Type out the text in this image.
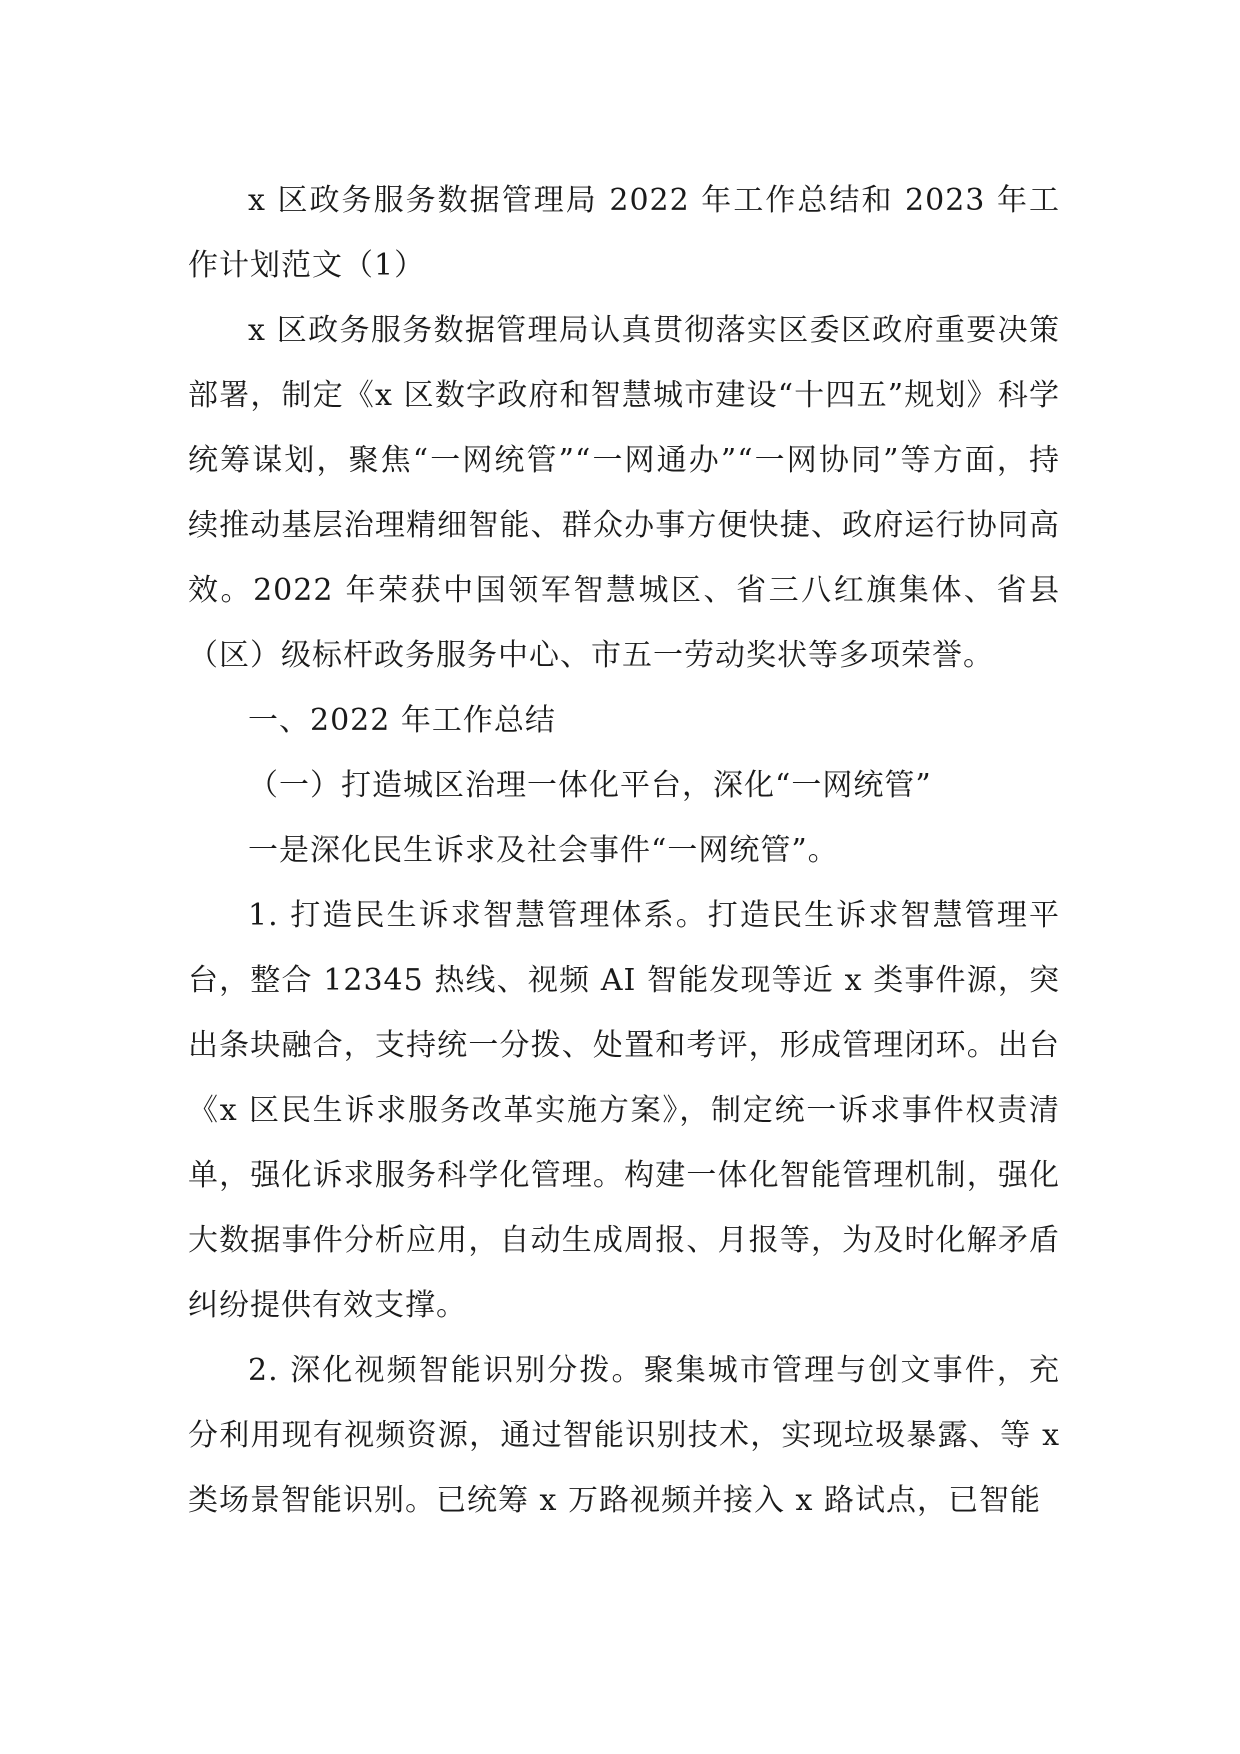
x 区政务服务数据管理局 2022 年工作总结和 2023 年工作计划范文（1）

x 区政务服务数据管理局认真贯彻落实区委区政府重要决策部署，制定《x 区数字政府和智慧城市建设“十四五”规划》科学统筹谋划，聚焦“一网统管”“一网通办”“一网协同”等方面，持续推动基层治理精细智能、群众办事方便快捷、政府运行协同高效。2022 年荣获中国领军智慧城区、省三八红旗集体、省县（区）级标杆政务服务中心、市五一劳动奖状等多项荣誉。

一、2022 年工作总结

（一）打造城区治理一体化平台，深化“一网统管”

一是深化民生诉求及社会事件“一网统管”。

1. 打造民生诉求智慧管理体系。打造民生诉求智慧管理平台，整合 12345 热线、视频 AI 智能发现等近 x 类事件源，突出条块融合，支持统一分拨、处置和考评，形成管理闭环。出台《x 区民生诉求服务改革实施方案》，制定统一诉求事件权责清单，强化诉求服务科学化管理。构建一体化智能管理机制，强化大数据事件分析应用，自动生成周报、月报等，为及时化解矛盾纠纷提供有效支撑。

2. 深化视频智能识别分拨。聚集城市管理与创文事件，充分利用现有视频资源，通过智能识别技术，实现垃圾暴露、等 x 类场景智能识别。已统筹 x 万路视频并接入 x 路试点，已智能
